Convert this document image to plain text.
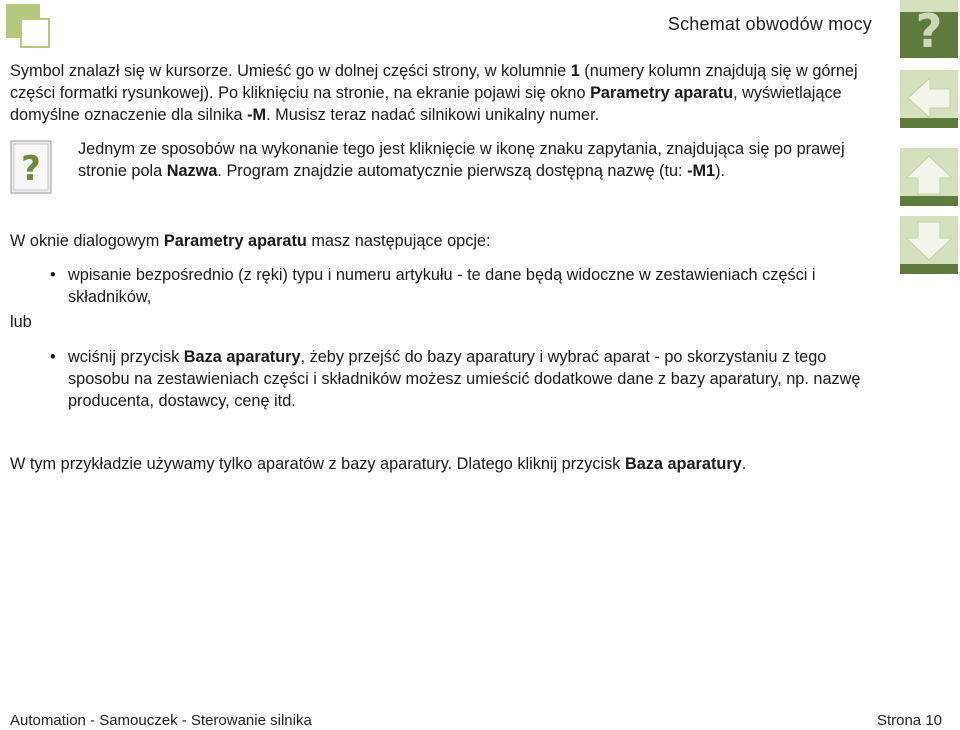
Schemat obwodów mocy ?
Symbol znalazł się w kursorze. Umieść go w dolnej części strony, w kolumnie 1 (numery kolumn znajdują się w górnej części formatki rysunkowej). Po kliknięciu na stronie, na ekranie pojawi się okno Parametry aparatu, wyświetlające domyślne oznaczenie dla silnika -M. Musisz teraz nadać silnikowi unikalny numer.
? Jednym ze sposobów na wykonanie tego jest kliknięcie w ikonę znaku zapytania, znajdująca się po prawej stronie pola Nazwa. Program znajdzie automatycznie pierwszą dostępną nazwę (tu: -M1).
W oknie dialogowym Parametry aparatu masz następujące opcje:
• wpisanie bezpośrednio (z ręki) typu i numeru artykułu - te dane będą widoczne w zestawieniach części i składników,
• wciśnij przycisk Baza aparatury, żeby przejść do bazy aparatury i wybrać aparat - po skorzystaniu z tego sposobu na zestawieniach części i składników możesz umieścić dodatkowe dane z bazy aparatury, np. nazwę producenta, dostawcy, cenę itd.
lub
W tym przykładzie używamy tylko aparatów z bazy aparatury. Dlatego kliknij przycisk Baza aparatury.
Automation - Samouczek - Sterowanie silnika	Strona 10
